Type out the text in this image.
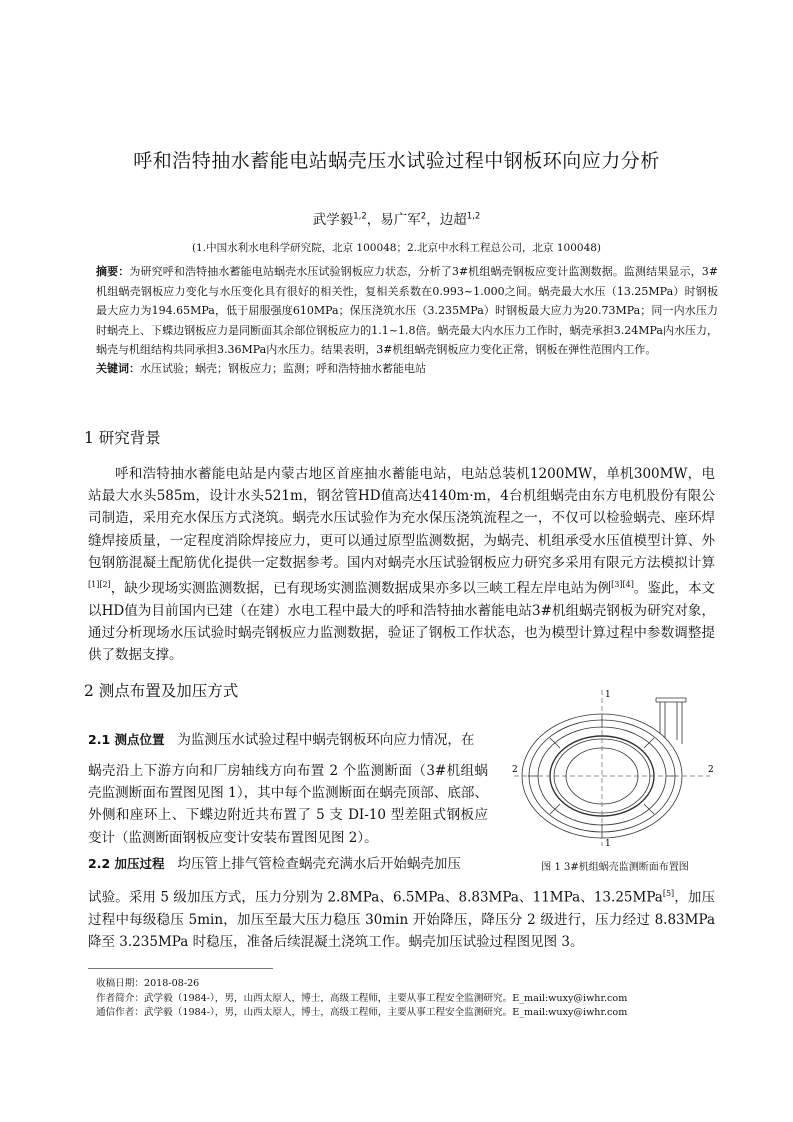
呼和浩特抽水蓄能电站蜗壳压水试验过程中钢板环向应力分析
武学毅$^{1,2}$，易广军$^2$，边超$^{1,2}$
(1.中国水利水电科学研究院，北京 100048；2.北京中水科工程总公司，北京 100048)
摘要：为研究呼和浩特抽水蓄能电站蜗壳水压试验钢板应力状态，分析了3#机组蜗壳钢板应变计监测数据。监测结果显示，3#机组蜗壳钢板应力变化与水压变化具有很好的相关性，复相关系数在0.993~1.000之间。蜗壳最大水压（13.25MPa）时钢板最大应力为194.65MPa，低于屈服强度610MPa；保压浇筑水压（3.235MPa）时钢板最大应力为20.73MPa；同一内水压力时蜗壳上、下蝶边钢板应力是同断面其余部位钢板应力的1.1~1.8倍。蜗壳最大内水压力工作时，蜗壳承担3.24MPa内水压力，蜗壳与机组结构共同承担3.36MPa内水压力。结果表明，3#机组蜗壳钢板应力变化正常，钢板在弹性范围内工作。
关键词：水压试验；蜗壳；钢板应力；监测；呼和浩特抽水蓄能电站
1 研究背景
呼和浩特抽水蓄能电站是内蒙古地区首座抽水蓄能电站，电站总装机1200MW，单机300MW，电站最大水头585m，设计水头521m，钢岔管HD值高达4140m·m，4台机组蜗壳由东方电机股份有限公司制造，采用充水保压方式浇筑。蜗壳水压试验作为充水保压浇筑流程之一，不仅可以检验蜗壳、座环焊缝焊接质量，一定程度消除焊接应力，更可以通过原型监测数据，为蜗壳、机组承受水压值模型计算、外包钢筋混凝土配筋优化提供一定数据参考。国内对蜗壳水压试验钢板应力研究多采用有限元方法模拟计算[1][2]，缺少现场实测监测数据，已有现场实测监测数据成果亦多以三峡工程左岸电站为例[3][4]。鉴此，本文以HD值为目前国内已建（在建）水电工程中最大的呼和浩特抽水蓄能电站3#机组蜗壳钢板为研究对象，通过分析现场水压试验时蜗壳钢板应力监测数据，验证了钢板工作状态，也为模型计算过程中参数调整提供了数据支撑。
2 测点布置及加压方式
2.1 测点位置 为监测压水试验过程中蜗壳钢板环向应力情况，在
蜗壳沿上下游方向和厂房轴线方向布置 2 个监测断面（3#机组蜗壳监测断面布置图见图 1），其中每个监测断面在蜗壳顶部、底部、外侧和座环上、下蝶边附近共布置了 5 支 DI-10 型差阻式钢板应变计（监测断面钢板应变计安装布置图见图 2）。
2.2 加压过程 均压管上排气管检查蜗壳充满水后开始蜗壳加压
试验。采用 5 级加压方式，压力分别为 2.8MPa、6.5MPa、8.83MPa、11MPa、13.25MPa[5]，加压过程中每级稳压 5min，加压至最大压力稳压 30min 开始降压，降压分 2 级进行，压力经过 8.83MPa 降至 3.235MPa 时稳压，准备后续混凝土浇筑工作。蜗壳加压试验过程图见图 3。
2	2
1
1
图 1 3#机组蜗壳监测断面布置图
收稿日期：2018-08-26
作者简介：武学毅（1984-），男，山西太原人，博士，高级工程师，主要从事工程安全监测研究。E_mail:wuxy@iwhr.com
通信作者：武学毅（1984-），男，山西太原人，博士，高级工程师，主要从事工程安全监测研究。E_mail:wuxy@iwhr.com
